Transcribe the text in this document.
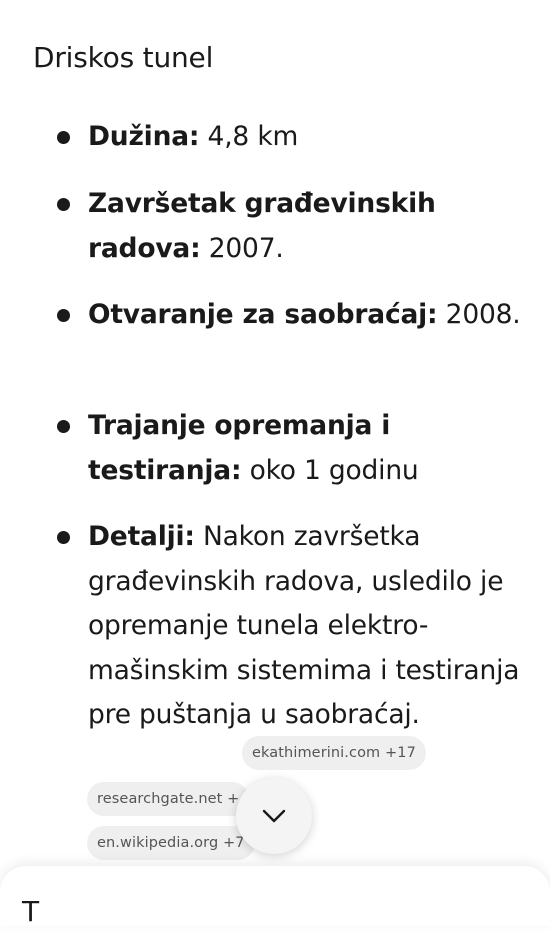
Driskos tunel
Dužina: 4,8 km
Završetak građevinskih radova: 2007.
Otvaranje za saobraćaj: 2008.
Trajanje opremanja i testiranja: oko 1 godinu
Detalji: Nakon završetka građevinskih radova, usledilo je opremanje tunela elektro-mašinskim sistemima i testiranja pre puštanja u saobraćaj.
ekathimerini.com +17
researchgate.net +
en.wikipedia.org +7
T
